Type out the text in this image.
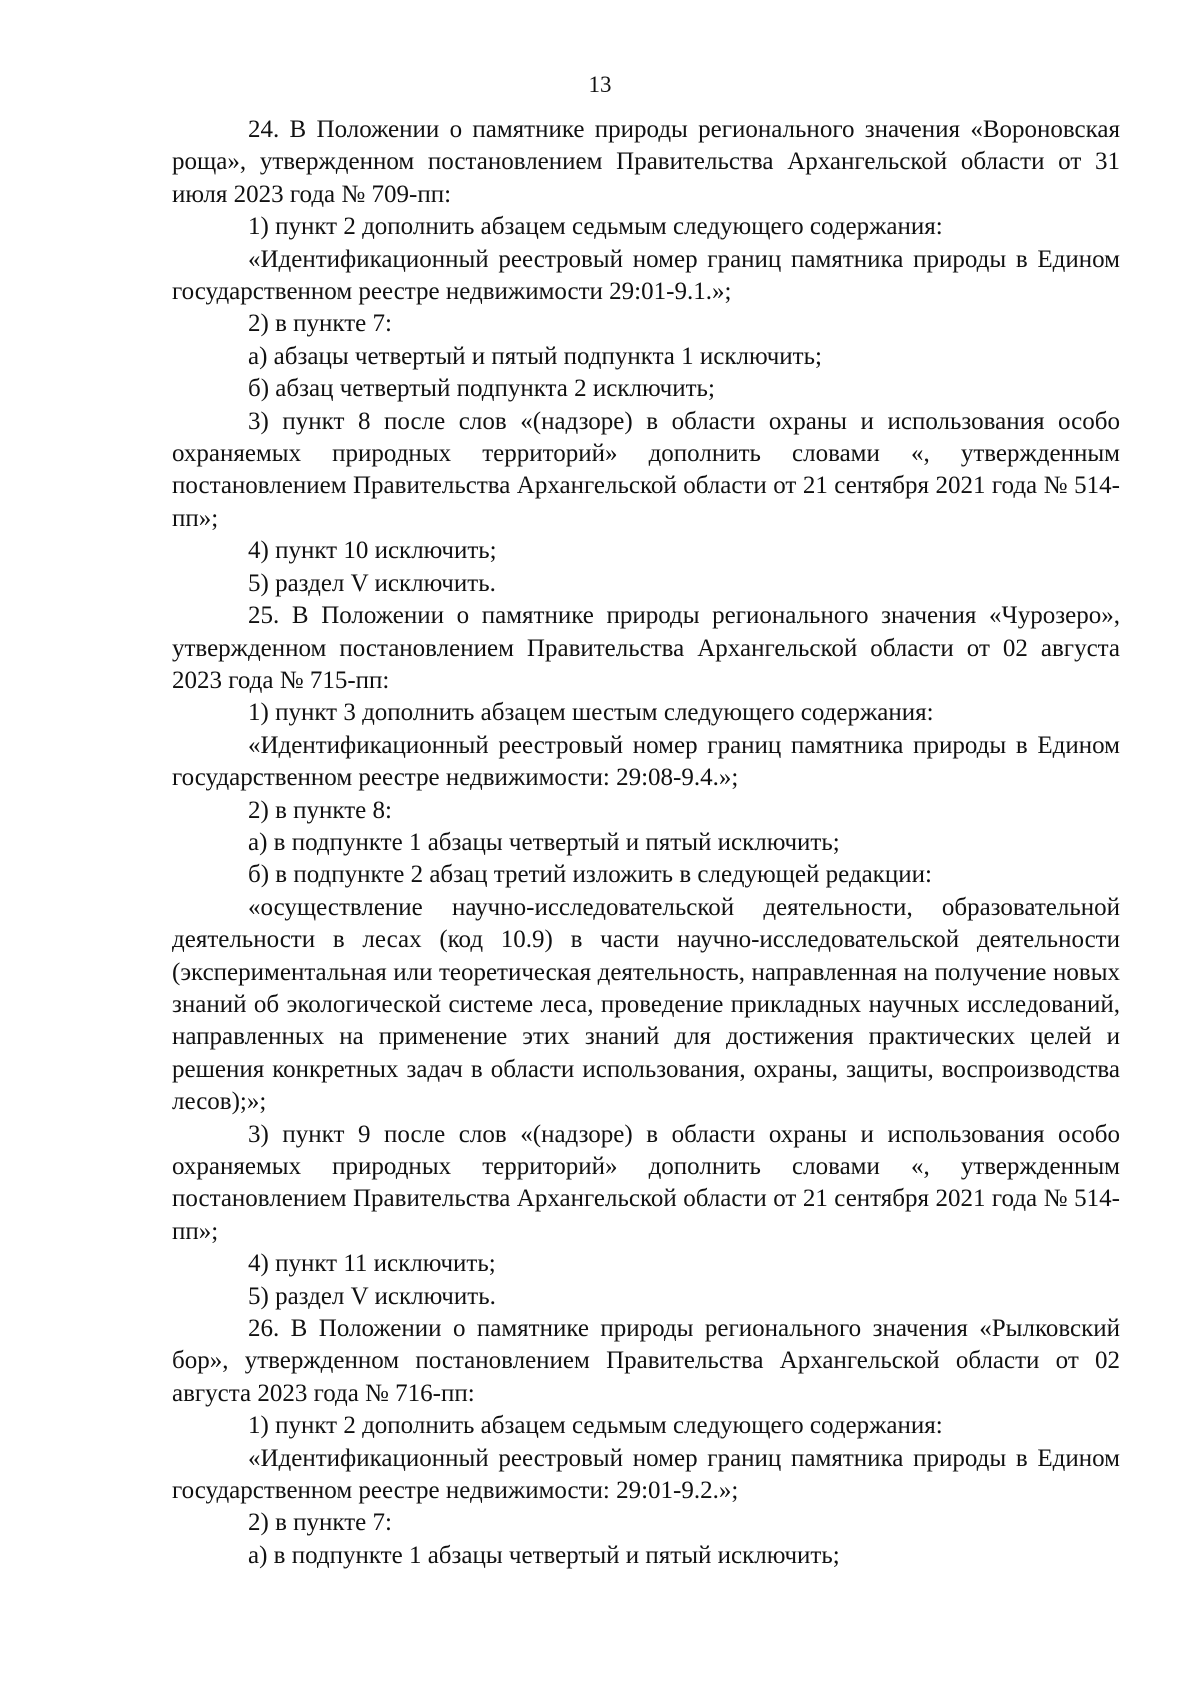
13

24. В Положении о памятнике природы регионального значения «Вороновская роща», утвержденном постановлением Правительства Архангельской области от 31 июля 2023 года № 709-пп:

1) пункт 2 дополнить абзацем седьмым следующего содержания:

«Идентификационный реестровый номер границ памятника природы в Едином государственном реестре недвижимости 29:01-9.1.»;

2) в пункте 7:

а) абзацы четвертый и пятый подпункта 1 исключить;

б) абзац четвертый подпункта 2 исключить;

3) пункт 8 после слов «(надзоре) в области охраны и использования особо охраняемых природных территорий» дополнить словами «, утвержденным постановлением Правительства Архангельской области от 21 сентября 2021 года № 514-пп»;

4) пункт 10 исключить;

5) раздел V исключить.

25. В Положении о памятнике природы регионального значения «Чурозеро», утвержденном постановлением Правительства Архангельской области от 02 августа 2023 года № 715-пп:

1) пункт 3 дополнить абзацем шестым следующего содержания:

«Идентификационный реестровый номер границ памятника природы в Едином государственном реестре недвижимости: 29:08-9.4.»;

2) в пункте 8:

а) в подпункте 1 абзацы четвертый и пятый исключить;

б) в подпункте 2 абзац третий изложить в следующей редакции:

«осуществление научно-исследовательской деятельности, образовательной деятельности в лесах (код 10.9) в части научно-исследовательской деятельности (экспериментальная или теоретическая деятельность, направленная на получение новых знаний об экологической системе леса, проведение прикладных научных исследований, направленных на применение этих знаний для достижения практических целей и решения конкретных задач в области использования, охраны, защиты, воспроизводства лесов);»;

3) пункт 9 после слов «(надзоре) в области охраны и использования особо охраняемых природных территорий» дополнить словами «, утвержденным постановлением Правительства Архангельской области от 21 сентября 2021 года № 514-пп»;

4) пункт 11 исключить;

5) раздел V исключить.

26. В Положении о памятнике природы регионального значения «Рылковский бор», утвержденном постановлением Правительства Архангельской области от 02 августа 2023 года № 716-пп:

1) пункт 2 дополнить абзацем седьмым следующего содержания:

«Идентификационный реестровый номер границ памятника природы в Едином государственном реестре недвижимости: 29:01-9.2.»;

2) в пункте 7:

а) в подпункте 1 абзацы четвертый и пятый исключить;
